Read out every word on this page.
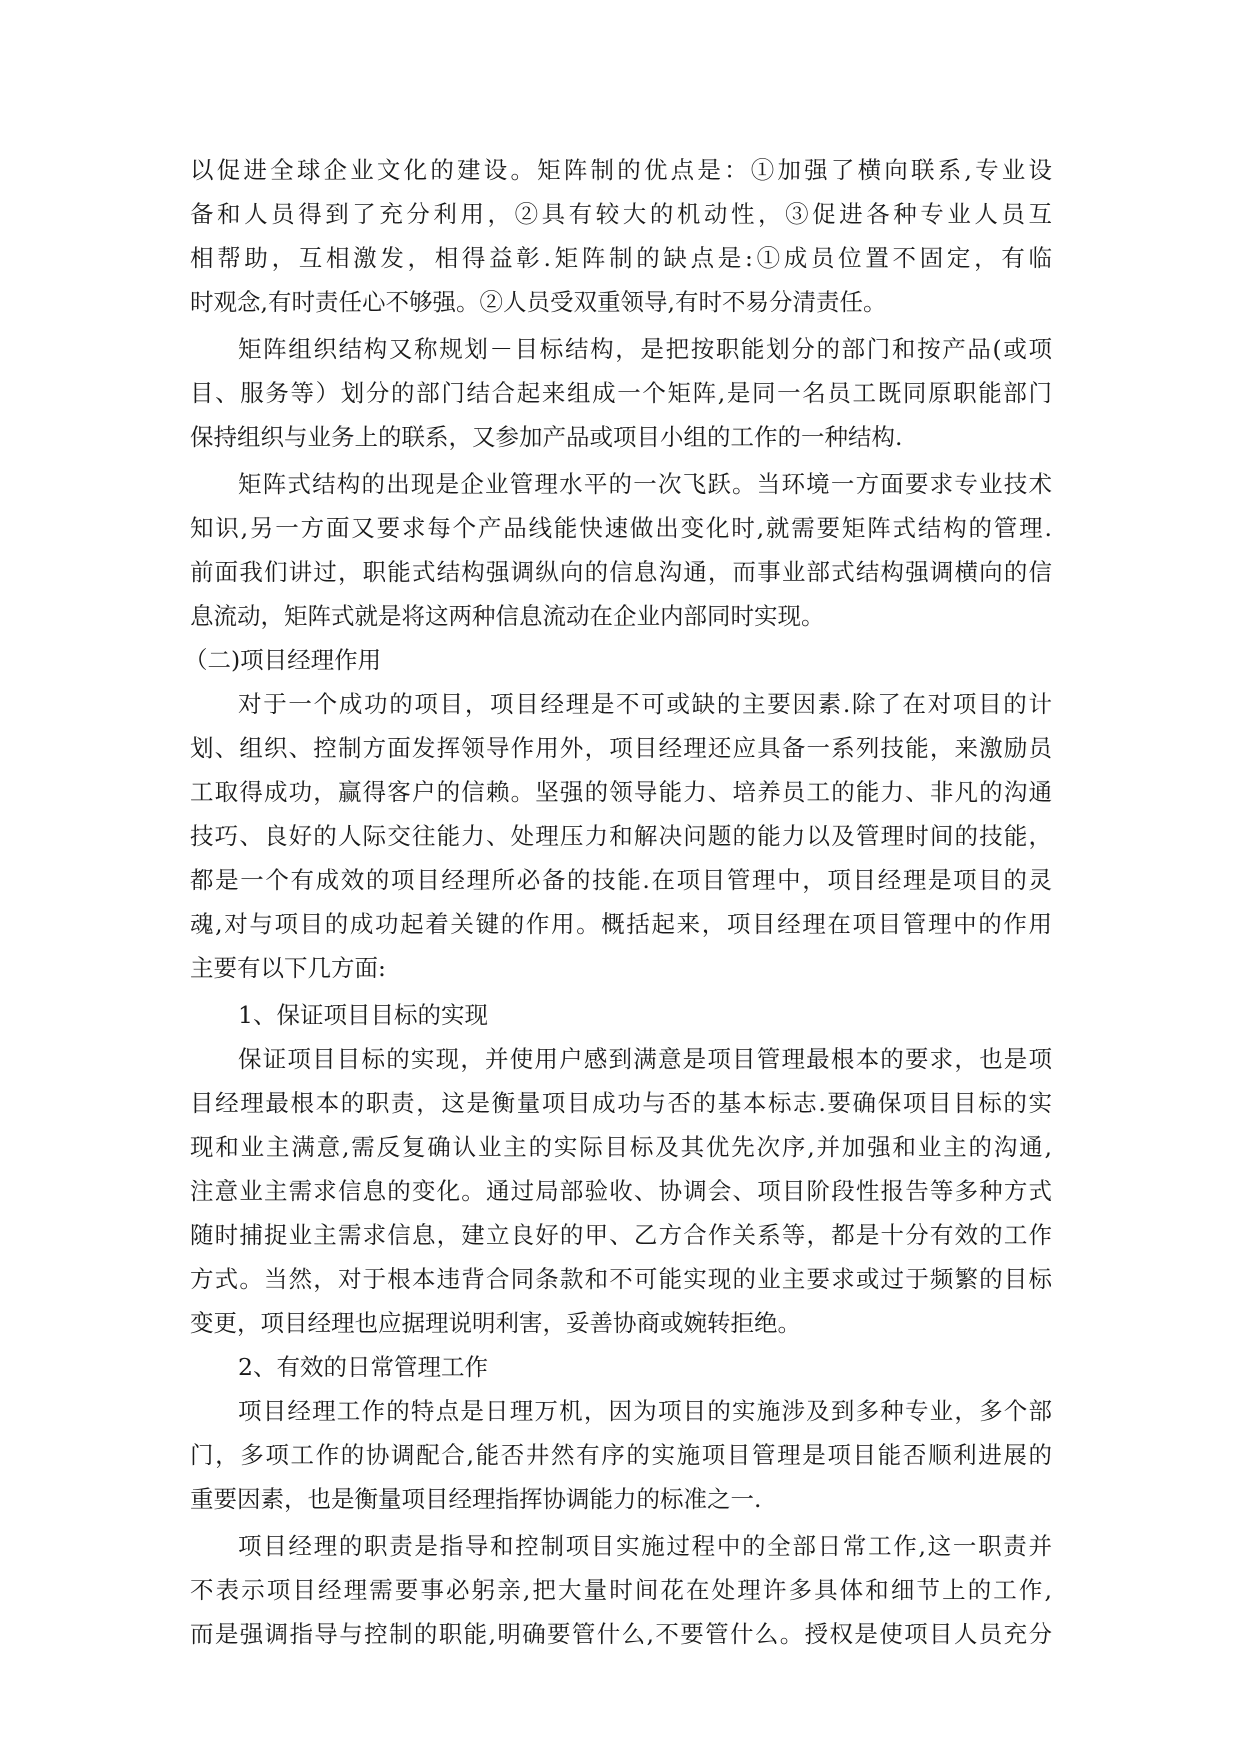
以促进全球企业文化的建设。矩阵制的优点是：①加强了横向联系,专业设
备和人员得到了充分利用，②具有较大的机动性，③促进各种专业人员互
相帮助，互相激发，相得益彰.矩阵制的缺点是:①成员位置不固定，有临
时观念,有时责任心不够强。②人员受双重领导,有时不易分清责任。
矩阵组织结构又称规划－目标结构，是把按职能划分的部门和按产品(或项
目、服务等）划分的部门结合起来组成一个矩阵,是同一名员工既同原职能部门
保持组织与业务上的联系，又参加产品或项目小组的工作的一种结构.
矩阵式结构的出现是企业管理水平的一次飞跃。当环境一方面要求专业技术
知识,另一方面又要求每个产品线能快速做出变化时,就需要矩阵式结构的管理.
前面我们讲过，职能式结构强调纵向的信息沟通，而事业部式结构强调横向的信
息流动，矩阵式就是将这两种信息流动在企业内部同时实现。
（二)项目经理作用
对于一个成功的项目，项目经理是不可或缺的主要因素.除了在对项目的计
划、组织、控制方面发挥领导作用外，项目经理还应具备一系列技能，来激励员
工取得成功，赢得客户的信赖。坚强的领导能力、培养员工的能力、非凡的沟通
技巧、良好的人际交往能力、处理压力和解决问题的能力以及管理时间的技能，
都是一个有成效的项目经理所必备的技能.在项目管理中，项目经理是项目的灵
魂,对与项目的成功起着关键的作用。概括起来，项目经理在项目管理中的作用
主要有以下几方面:
1、保证项目目标的实现
保证项目目标的实现，并使用户感到满意是项目管理最根本的要求，也是项
目经理最根本的职责，这是衡量项目成功与否的基本标志.要确保项目目标的实
现和业主满意,需反复确认业主的实际目标及其优先次序,并加强和业主的沟通,
注意业主需求信息的变化。通过局部验收、协调会、项目阶段性报告等多种方式
随时捕捉业主需求信息，建立良好的甲、乙方合作关系等，都是十分有效的工作
方式。当然，对于根本违背合同条款和不可能实现的业主要求或过于频繁的目标
变更，项目经理也应据理说明利害，妥善协商或婉转拒绝。
2、有效的日常管理工作
项目经理工作的特点是日理万机，因为项目的实施涉及到多种专业，多个部
门，多项工作的协调配合,能否井然有序的实施项目管理是项目能否顺利进展的
重要因素，也是衡量项目经理指挥协调能力的标准之一.
项目经理的职责是指导和控制项目实施过程中的全部日常工作,这一职责并
不表示项目经理需要事必躬亲,把大量时间花在处理许多具体和细节上的工作,
而是强调指导与控制的职能,明确要管什么,不要管什么。授权是使项目人员充分
